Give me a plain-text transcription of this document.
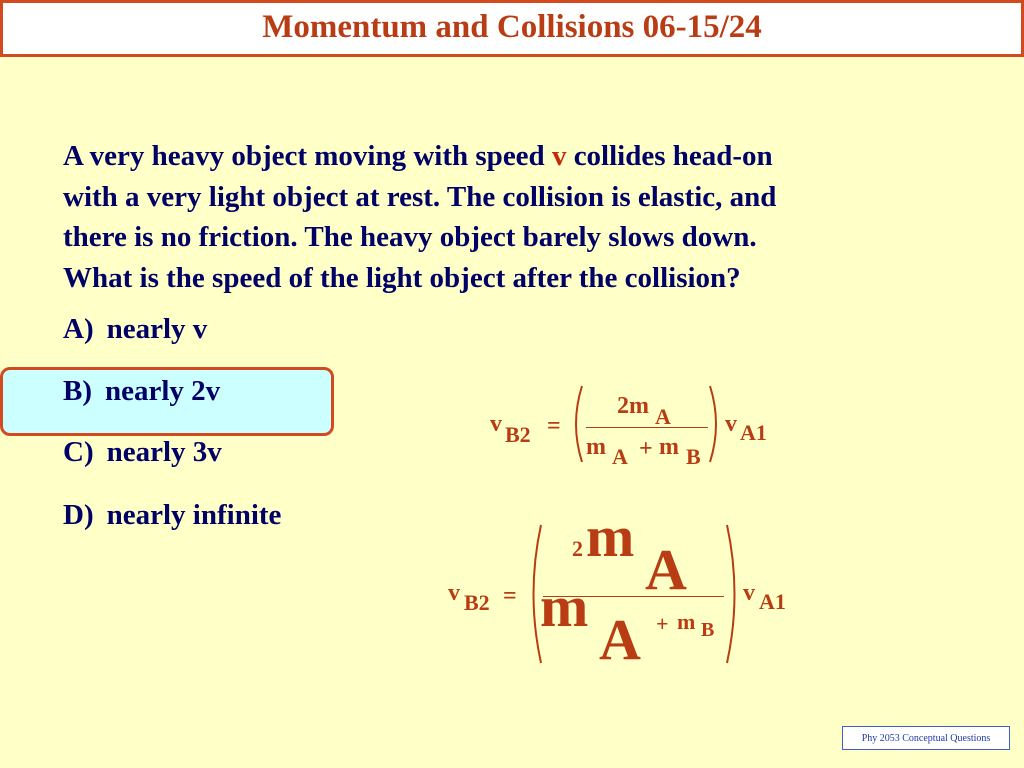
Momentum and Collisions 06-15/24
A very heavy object moving with speed v collides head-on
with a very light object at rest. The collision is elastic, and
there is no friction. The heavy object barely slows down.
What is the speed of the light object after the collision?
A) nearly v
B) nearly 2v
C) nearly 3v
D) nearly infinite
v B2 =
2m A
m A + m B
v A1
v B2 =
2 m
A
m
A + m B
v A1
Phy 2053 Conceptual Questions
